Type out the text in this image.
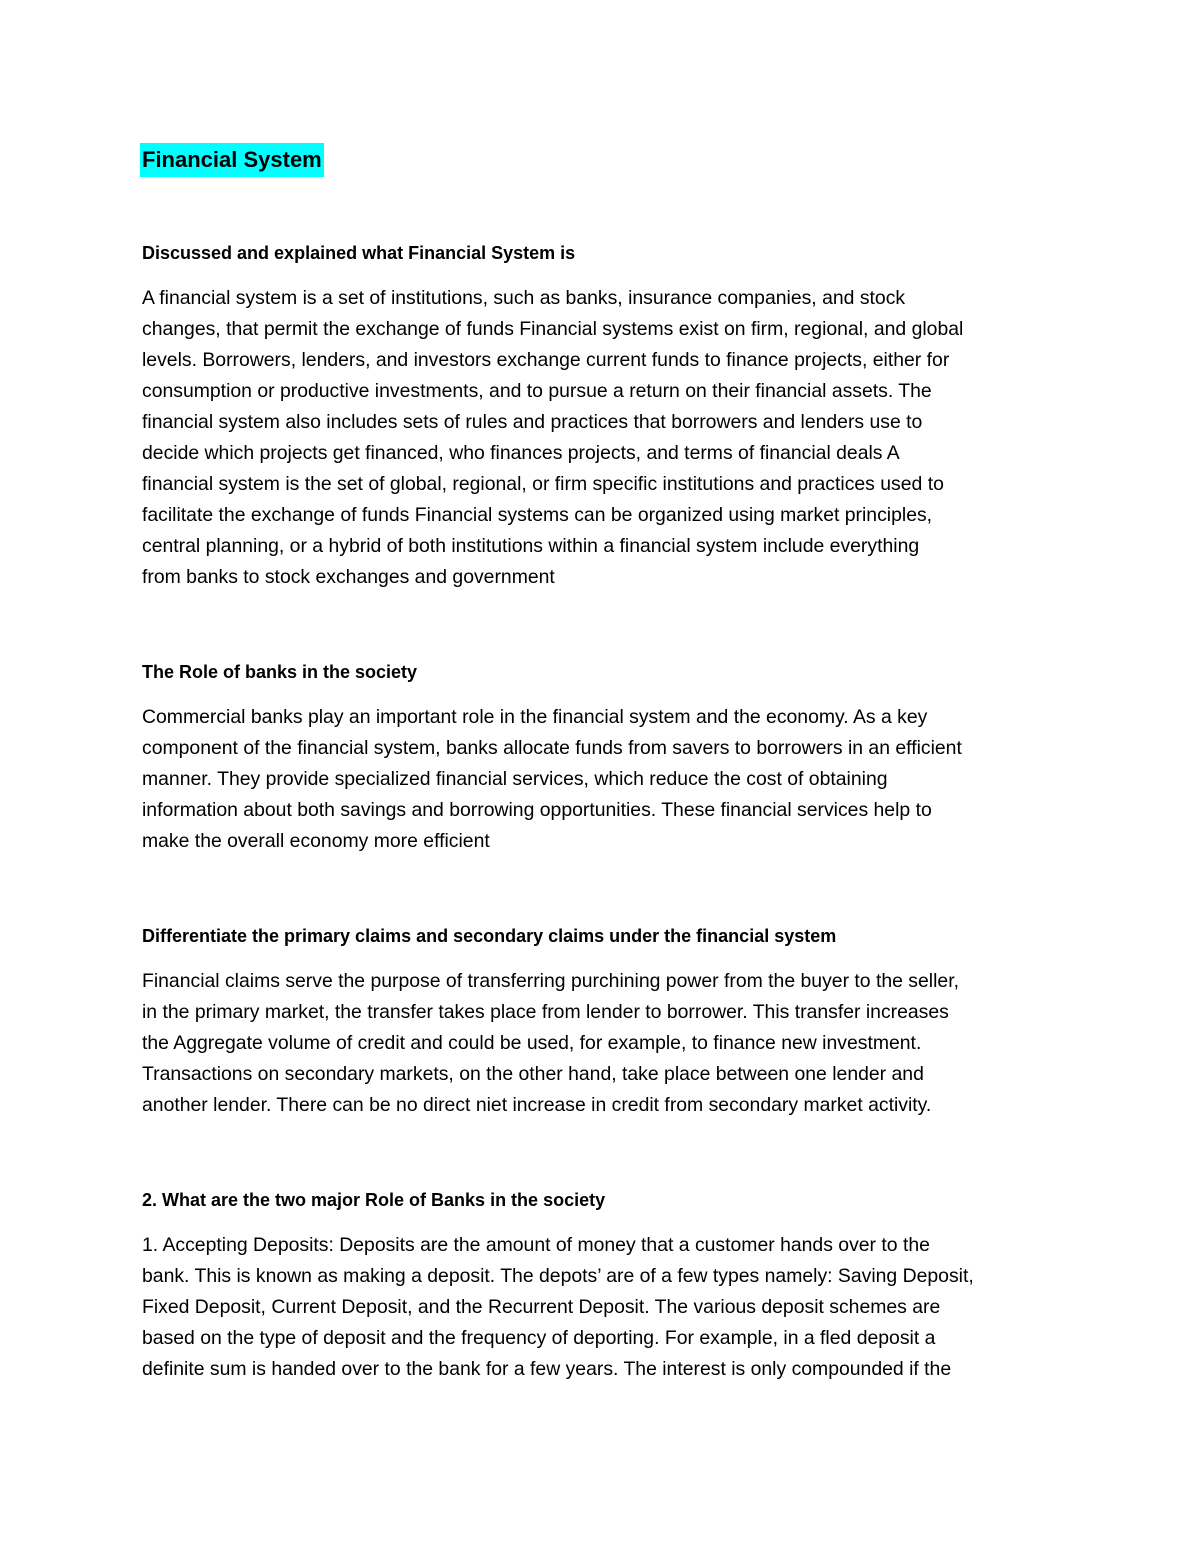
Financial System
Discussed and explained what Financial System is
A financial system is a set of institutions, such as banks, insurance companies, and stock
changes, that permit the exchange of funds Financial systems exist on firm, regional, and global
levels. Borrowers, lenders, and investors exchange current funds to finance projects, either for
consumption or productive investments, and to pursue a return on their financial assets. The
financial system also includes sets of rules and practices that borrowers and lenders use to
decide which projects get financed, who finances projects, and terms of financial deals A
financial system is the set of global, regional, or firm specific institutions and practices used to
facilitate the exchange of funds Financial systems can be organized using market principles,
central planning, or a hybrid of both institutions within a financial system include everything
from banks to stock exchanges and government
The Role of banks in the society
Commercial banks play an important role in the financial system and the economy. As a key
component of the financial system, banks allocate funds from savers to borrowers in an efficient
manner. They provide specialized financial services, which reduce the cost of obtaining
information about both savings and borrowing opportunities. These financial services help to
make the overall economy more efficient
Differentiate the primary claims and secondary claims under the financial system
Financial claims serve the purpose of transferring purchining power from the buyer to the seller,
in the primary market, the transfer takes place from lender to borrower. This transfer increases
the Aggregate volume of credit and could be used, for example, to finance new investment.
Transactions on secondary markets, on the other hand, take place between one lender and
another lender. There can be no direct niet increase in credit from secondary market activity.
2. What are the two major Role of Banks in the society
1. Accepting Deposits: Deposits are the amount of money that a customer hands over to the
bank. This is known as making a deposit. The depots’ are of a few types namely: Saving Deposit,
Fixed Deposit, Current Deposit, and the Recurrent Deposit. The various deposit schemes are
based on the type of deposit and the frequency of deporting. For example, in a fled deposit a
definite sum is handed over to the bank for a few years. The interest is only compounded if the
